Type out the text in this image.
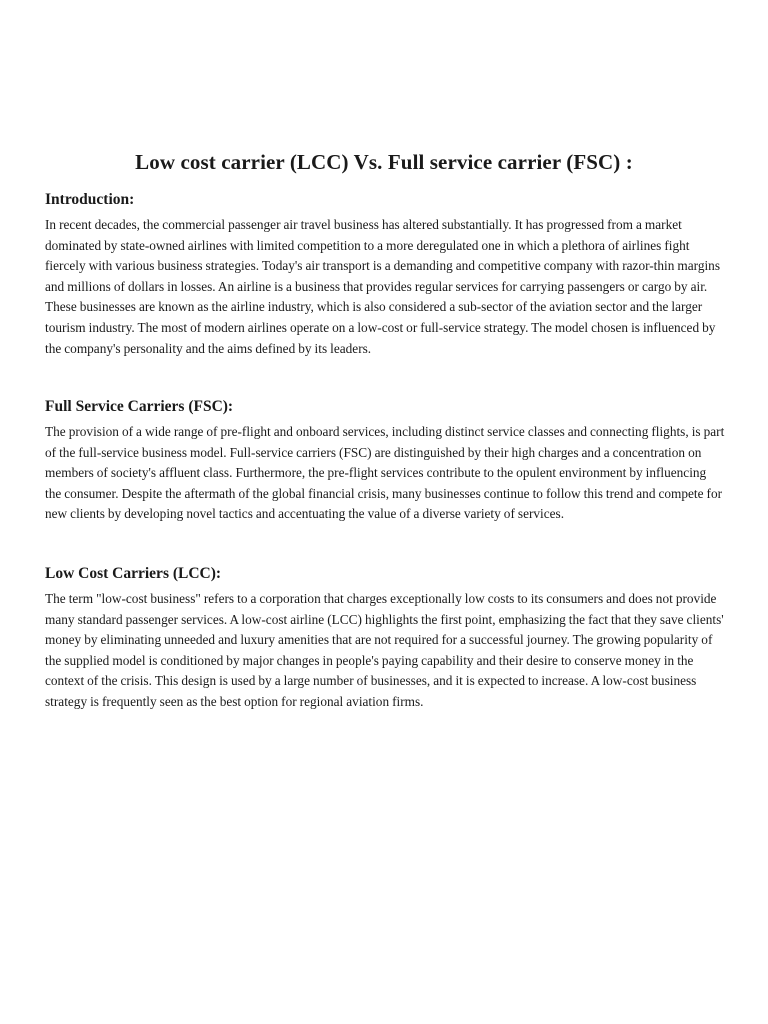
Low cost carrier (LCC) Vs. Full service carrier (FSC) :
Introduction:

In recent decades, the commercial passenger air travel business has altered substantially. It has progressed from a market dominated by state-owned airlines with limited competition to a more deregulated one in which a plethora of airlines fight fiercely with various business strategies. Today's air transport is a demanding and competitive company with razor-thin margins and millions of dollars in losses. An airline is a business that provides regular services for carrying passengers or cargo by air. These businesses are known as the airline industry, which is also considered a sub-sector of the aviation sector and the larger tourism industry. The most of modern airlines operate on a low-cost or full-service strategy. The model chosen is influenced by the company's personality and the aims defined by its leaders.

Full Service Carriers (FSC):

The provision of a wide range of pre-flight and onboard services, including distinct service classes and connecting flights, is part of the full-service business model. Full-service carriers (FSC) are distinguished by their high charges and a concentration on members of society's affluent class. Furthermore, the pre-flight services contribute to the opulent environment by influencing the consumer. Despite the aftermath of the global financial crisis, many businesses continue to follow this trend and compete for new clients by developing novel tactics and accentuating the value of a diverse variety of services.

Low Cost Carriers (LCC):

The term "low-cost business" refers to a corporation that charges exceptionally low costs to its consumers and does not provide many standard passenger services. A low-cost airline (LCC) highlights the first point, emphasizing the fact that they save clients' money by eliminating unneeded and luxury amenities that are not required for a successful journey. The growing popularity of the supplied model is conditioned by major changes in people's paying capability and their desire to conserve money in the context of the crisis. This design is used by a large number of businesses, and it is expected to increase. A low-cost business strategy is frequently seen as the best option for regional aviation firms.
